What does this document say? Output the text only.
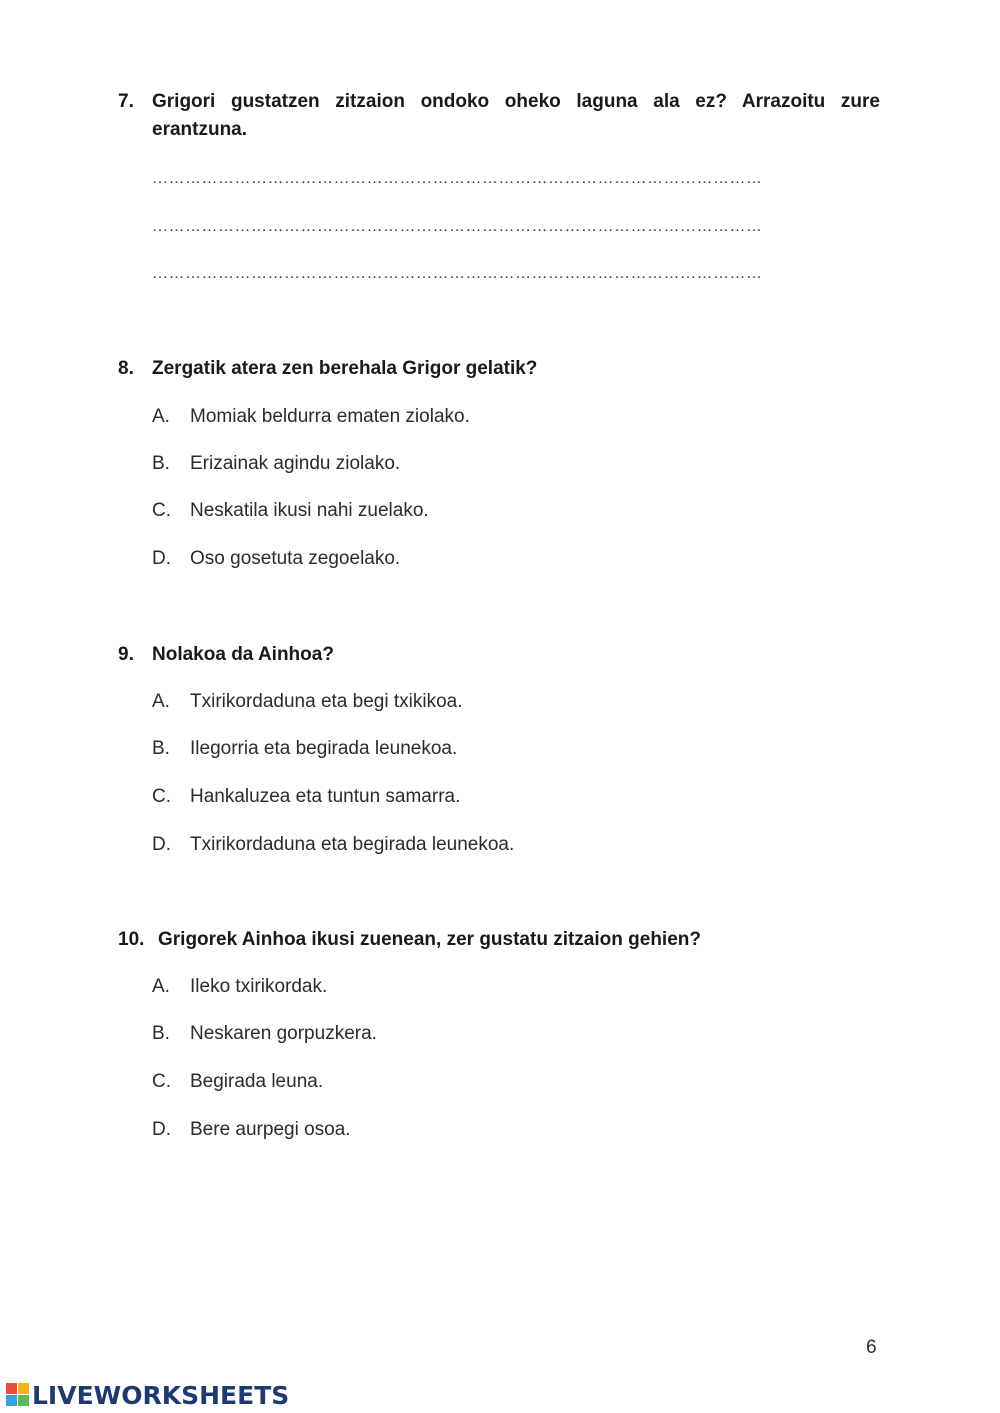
7. Grigori gustatzen zitzaion ondoko oheko laguna ala ez? Arrazoitu zure erantzuna.
…………………………………………………………………………………………………
…………………………………………………………………………………………………
…………………………………………………………………………………………………
8. Zergatik atera zen berehala Grigor gelatik?
A. Momiak beldurra ematen ziolako.
B. Erizainak agindu ziolako.
C. Neskatila ikusi nahi zuelako.
D. Oso gosetuta zegoelako.
9. Nolakoa da Ainhoa?
A. Txirikordaduna eta begi txikikoa.
B. Ilegorria eta begirada leunekoa.
C. Hankaluzea eta tuntun samarra.
D. Txirikordaduna eta begirada leunekoa.
10. Grigorek Ainhoa ikusi zuenean, zer gustatu zitzaion gehien?
A. Ileko txirikordak.
B. Neskaren gorpuzkera.
C. Begirada leuna.
D. Bere aurpegi osoa.
6
LIVEWORKSHEETS
